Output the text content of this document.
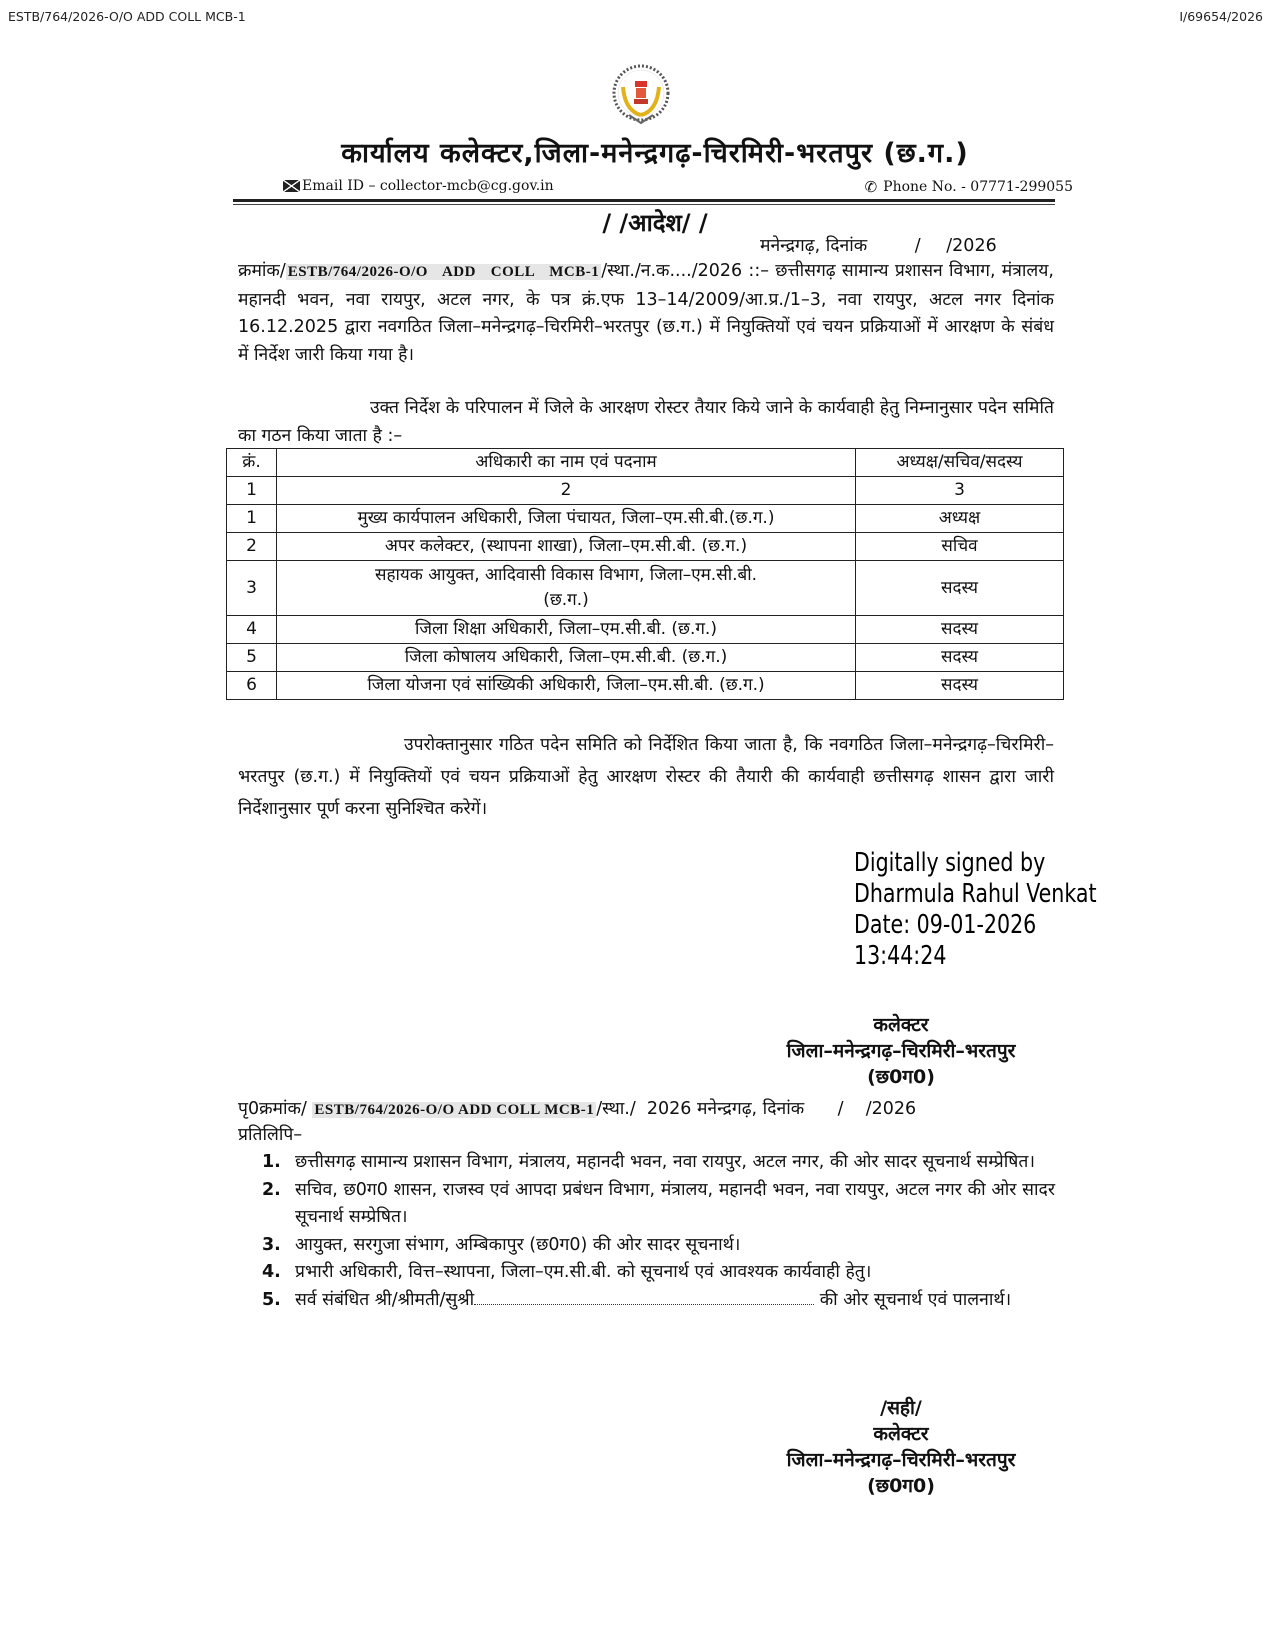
ESTB/764/2026-O/O ADD COLL MCB-1	I/69654/2026
कार्यालय कलेक्टर,जिला-मनेन्द्रगढ़-चिरमिरी-भरतपुर (छ.ग.)
Email ID – collector-mcb@cg.gov.in	✆ Phone No. - 07771-299055
/ /आदेश/ /
मनेन्द्रगढ़, दिनांक	/ /2026
क्रमांक/ ESTB/764/2026-O/O   ADD   COLL   MCB-1 /स्था./न.क..../2026 ::– छत्तीसगढ़ सामान्य प्रशासन विभाग, मंत्रालय, महानदी भवन, नवा रायपुर, अटल नगर, के पत्र क्रं.एफ 13–14/2009/आ.प्र./1–3, नवा रायपुर, अटल नगर दिनांक 16.12.2025 द्वारा नवगठित जिला–मनेन्द्रगढ़–चिरमिरी–भरतपुर (छ.ग.) में नियुक्तियों एवं चयन प्रक्रियाओं में आरक्षण के संबंध में निर्देश जारी किया गया है।
उक्त निर्देश के परिपालन में जिले के आरक्षण रोस्टर तैयार किये जाने के कार्यवाही हेतु निम्नानुसार पदेन समिति का गठन किया जाता है :–
क्रं.	अधिकारी का नाम एवं पदनाम	अध्यक्ष/सचिव/सदस्य
1	2	3
1	मुख्य कार्यपालन अधिकारी, जिला पंचायत, जिला–एम.सी.बी.(छ.ग.)	अध्यक्ष
2	अपर कलेक्टर, (स्थापना शाखा), जिला–एम.सी.बी. (छ.ग.)	सचिव
3	सहायक आयुक्त, आदिवासी विकास विभाग, जिला–एम.सी.बी. (छ.ग.)	सदस्य
4	जिला शिक्षा अधिकारी, जिला–एम.सी.बी. (छ.ग.)	सदस्य
5	जिला कोषालय अधिकारी, जिला–एम.सी.बी. (छ.ग.)	सदस्य
6	जिला योजना एवं सांख्यिकी अधिकारी, जिला–एम.सी.बी. (छ.ग.)	सदस्य
उपरोक्तानुसार गठित पदेन समिति को निर्देशित किया जाता है, कि नवगठित जिला–मनेन्द्रगढ़–चिरमिरी–भरतपुर (छ.ग.) में नियुक्तियों एवं चयन प्रक्रियाओं हेतु आरक्षण रोस्टर की तैयारी की कार्यवाही छत्तीसगढ़ शासन द्वारा जारी निर्देशानुसार पूर्ण करना सुनिश्चित करेगें।
Digitally signed by
Dharmula Rahul Venkat
Date: 09-01-2026
13:44:24
कलेक्टर
जिला–मनेन्द्रगढ़–चिरमिरी–भरतपुर
(छ0ग0)
पृ0क्रमांक/ ESTB/764/2026-O/O ADD COLL MCB-1 /स्था./  2026 मनेन्द्रगढ़, दिनांक      /    /2026
प्रतिलिपि–
1. छत्तीसगढ़ सामान्य प्रशासन विभाग, मंत्रालय, महानदी भवन, नवा रायपुर, अटल नगर, की ओर सादर सूचनार्थ सम्प्रेषित।
2. सचिव, छ0ग0 शासन, राजस्व एवं आपदा प्रबंधन विभाग, मंत्रालय, महानदी भवन, नवा रायपुर, अटल नगर की ओर सादर सूचनार्थ सम्प्रेषित।
3. आयुक्त, सरगुजा संभाग, अम्बिकापुर (छ0ग0) की ओर सादर सूचनार्थ।
4. प्रभारी अधिकारी, वित्त–स्थापना, जिला–एम.सी.बी. को सूचनार्थ एवं आवश्यक कार्यवाही हेतु।
5. सर्व संबंधित श्री/श्रीमती/सुश्री	की ओर सूचनार्थ एवं पालनार्थ।
/सही/
कलेक्टर
जिला–मनेन्द्रगढ़–चिरमिरी–भरतपुर
(छ0ग0)
